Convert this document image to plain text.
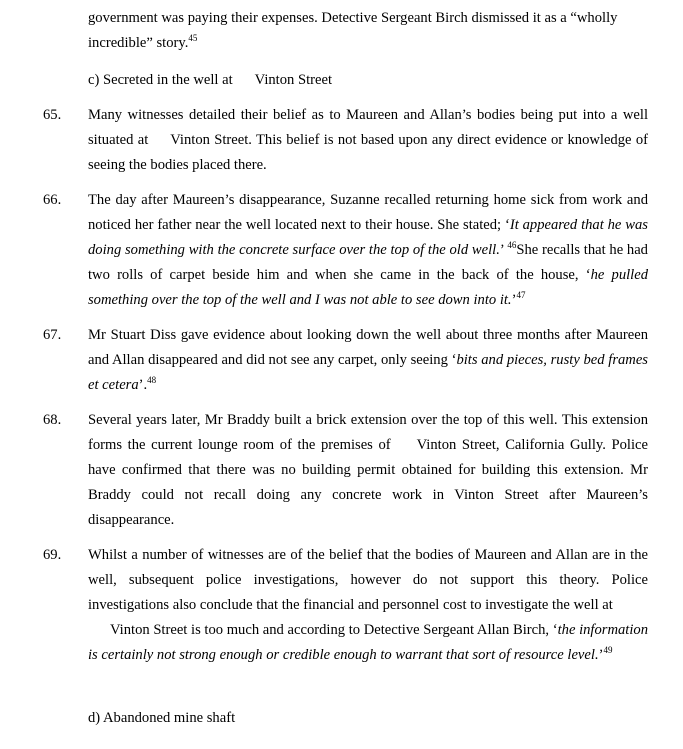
government was paying their expenses. Detective Sergeant Birch dismissed it as a “wholly
incredible” story.$^{45}$
c) Secreted in the well at Vinton Street
65.	Many witnesses detailed their belief as to Maureen and Allan’s bodies being put into a well situated at Vinton Street. This belief is not based upon any direct evidence or knowledge of seeing the bodies placed there.
66.	The day after Maureen’s disappearance, Suzanne recalled returning home sick from work and noticed her father near the well located next to their house. She stated; ‘It appeared that he was doing something with the concrete surface over the top of the old well.’ $^{46}$She recalls that he had two rolls of carpet beside him and when she came in the back of the house, ‘he pulled something over the top of the well and I was not able to see down into it.’$^{47}$
67.	Mr Stuart Diss gave evidence about looking down the well about three months after Maureen and Allan disappeared and did not see any carpet, only seeing ‘bits and pieces, rusty bed frames et cetera’.$^{48}$
68.	Several years later, Mr Braddy built a brick extension over the top of this well. This extension forms the current lounge room of the premises of Vinton Street, California Gully. Police have confirmed that there was no building permit obtained for building this extension. Mr Braddy could not recall doing any concrete work in Vinton Street after Maureen’s disappearance.
69.	Whilst a number of witnesses are of the belief that the bodies of Maureen and Allan are in the well, subsequent police investigations, however do not support this theory. Police investigations also conclude that the financial and personnel cost to investigate the well at
Vinton Street is too much and according to Detective Sergeant Allan Birch, ‘the information is certainly not strong enough or credible enough to warrant that sort of resource level.’$^{49}$
d) Abandoned mine shaft
